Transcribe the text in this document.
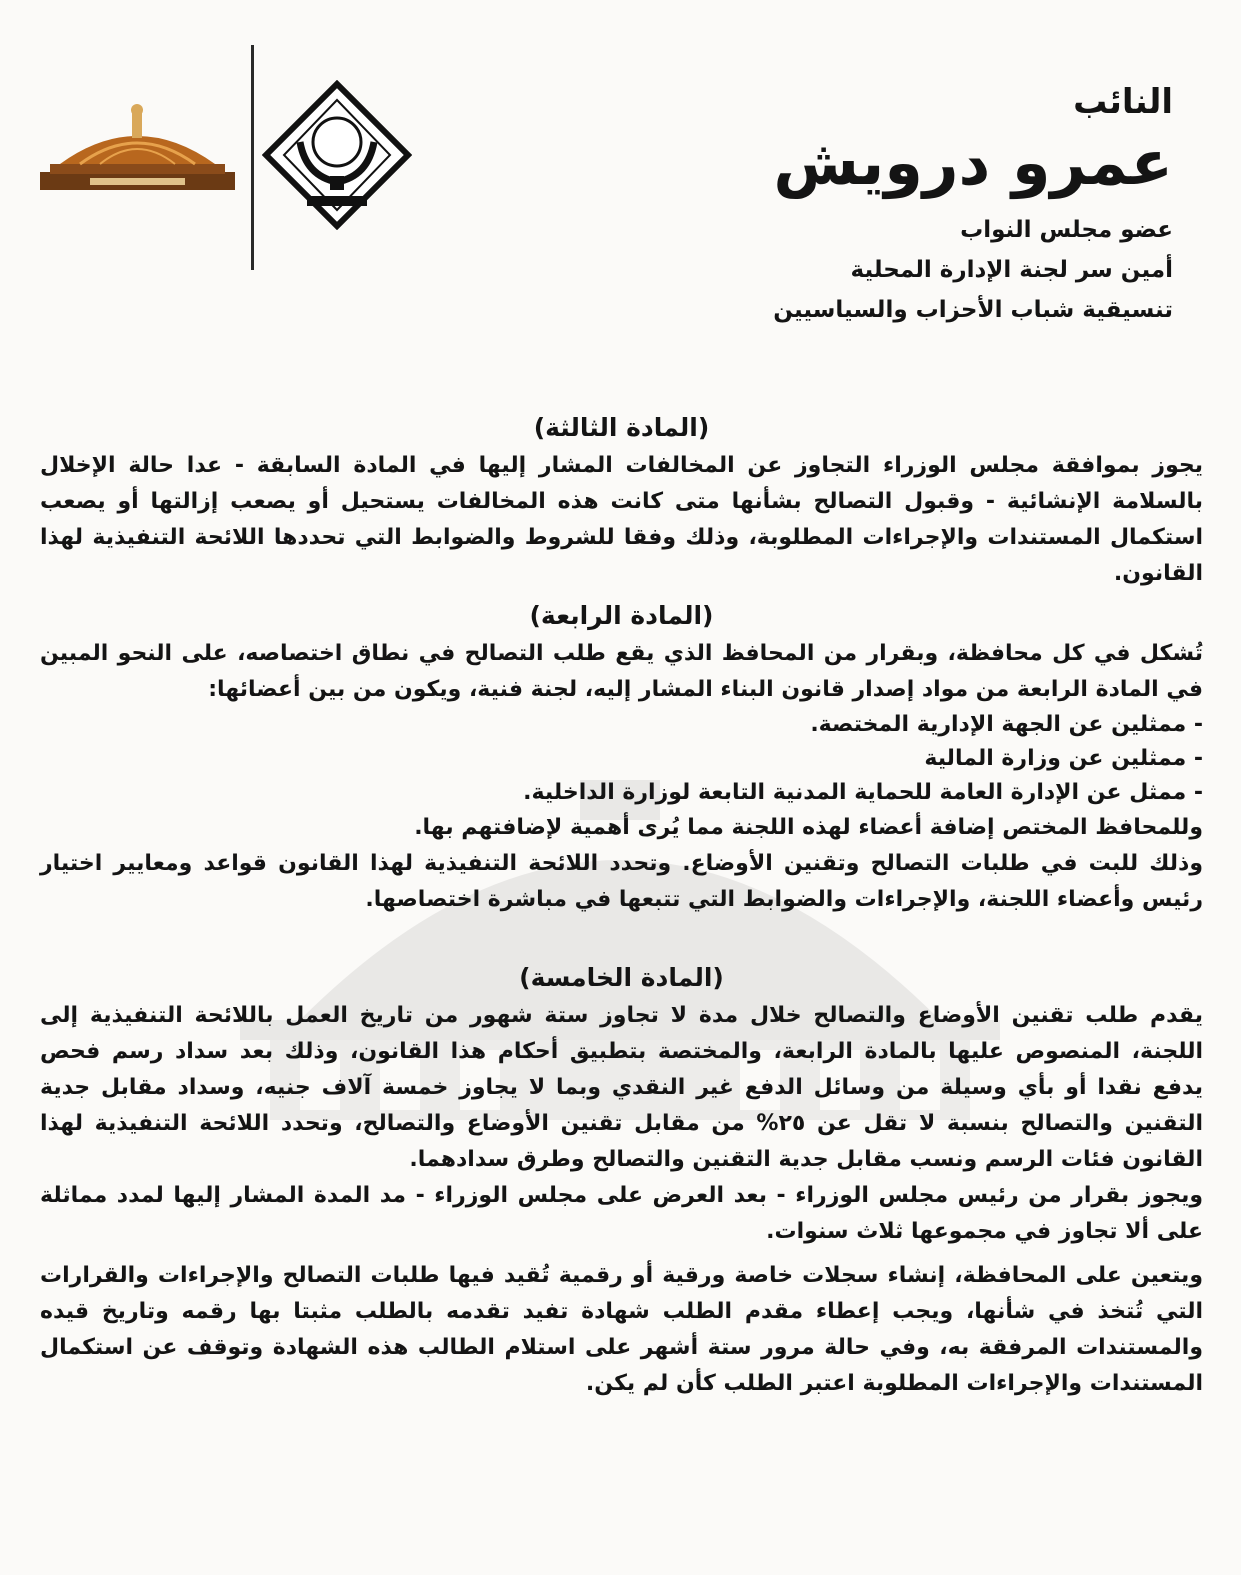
النائب
عمرو درويش
عضو مجلس النواب
أمين سر لجنة الإدارة المحلية
تنسيقية شباب الأحزاب والسياسيين
(المادة الثالثة)

يجوز بموافقة مجلس الوزراء التجاوز عن المخالفات المشار إليها في المادة السابقة - عدا حالة الإخلال بالسلامة الإنشائية - وقبول التصالح بشأنها متى كانت هذه المخالفات يستحيل أو يصعب إزالتها أو يصعب استكمال المستندات والإجراءات المطلوبة، وذلك وفقا للشروط والضوابط التي تحددها اللائحة التنفيذية لهذا القانون.

(المادة الرابعة)

تُشكل في كل محافظة، وبقرار من المحافظ الذي يقع طلب التصالح في نطاق اختصاصه، على النحو المبين في المادة الرابعة من مواد إصدار قانون البناء المشار إليه، لجنة فنية، ويكون من بين أعضائها:

- ممثلين عن الجهة الإدارية المختصة.

- ممثلين عن وزارة المالية

- ممثل عن الإدارة العامة للحماية المدنية التابعة لوزارة الداخلية.

وللمحافظ المختص إضافة أعضاء لهذه اللجنة مما يُرى أهمية لإضافتهم بها.

وذلك للبت في طلبات التصالح وتقنين الأوضاع. وتحدد اللائحة التنفيذية لهذا القانون قواعد ومعايير اختيار رئيس وأعضاء اللجنة، والإجراءات والضوابط التي تتبعها في مباشرة اختصاصها.

(المادة الخامسة)

يقدم طلب تقنين الأوضاع والتصالح خلال مدة لا تجاوز ستة شهور من تاريخ العمل باللائحة التنفيذية إلى اللجنة، المنصوص عليها بالمادة الرابعة، والمختصة بتطبيق أحكام هذا القانون، وذلك بعد سداد رسم فحص يدفع نقدا أو بأي وسيلة من وسائل الدفع غير النقدي وبما لا يجاوز خمسة آلاف جنيه، وسداد مقابل جدية التقنين والتصالح بنسبة لا تقل عن ٢٥% من مقابل تقنين الأوضاع والتصالح، وتحدد اللائحة التنفيذية لهذا القانون فئات الرسم ونسب مقابل جدية التقنين والتصالح وطرق سدادهما.

ويجوز بقرار من رئيس مجلس الوزراء - بعد العرض على مجلس الوزراء - مد المدة المشار إليها لمدد مماثلة على ألا تجاوز في مجموعها ثلاث سنوات.

ويتعين على المحافظة، إنشاء سجلات خاصة ورقية أو رقمية تُقيد فيها طلبات التصالح والإجراءات والقرارات التي تُتخذ في شأنها، ويجب إعطاء مقدم الطلب شهادة تفيد تقدمه بالطلب مثبتا بها رقمه وتاريخ قيده والمستندات المرفقة به، وفي حالة مرور ستة أشهر على استلام الطالب هذه الشهادة وتوقف عن استكمال المستندات والإجراءات المطلوبة اعتبر الطلب كأن لم يكن.
